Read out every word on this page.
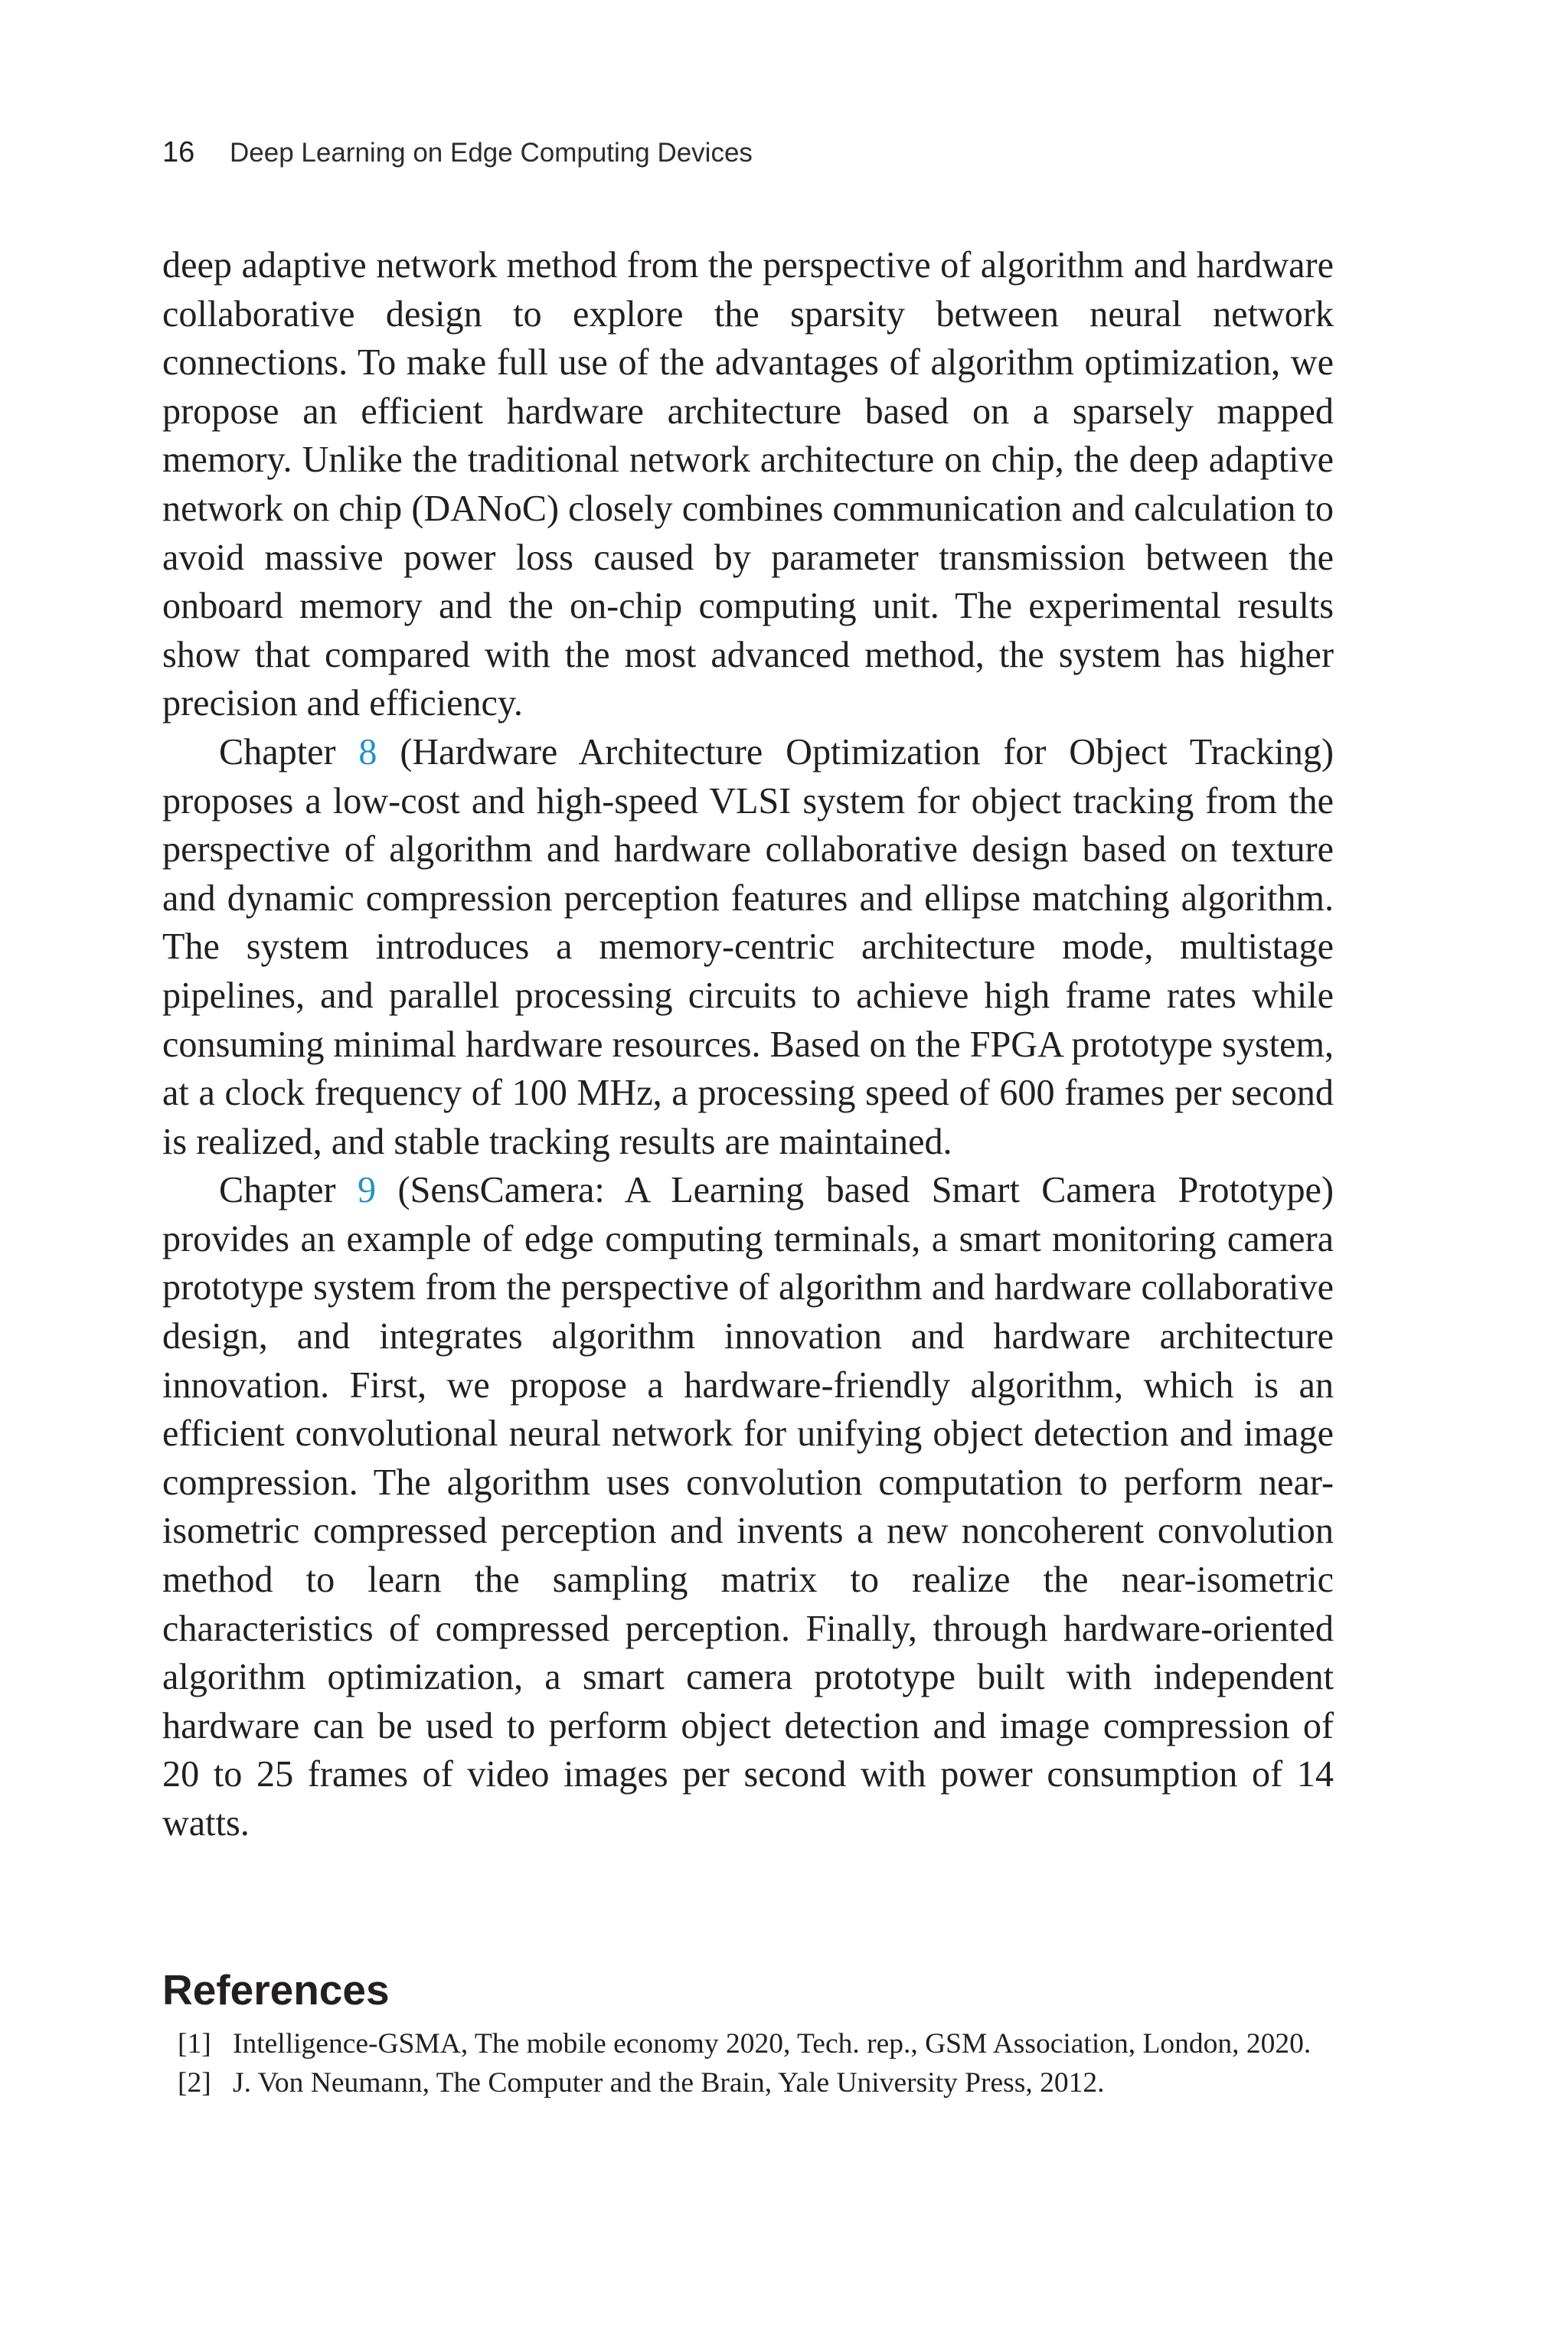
16 Deep Learning on Edge Computing Devices

deep adaptive network method from the perspective of algorithm and hardware collaborative design to explore the sparsity between neural network connections. To make full use of the advantages of algorithm optimization, we propose an efficient hardware architecture based on a sparsely mapped memory. Unlike the traditional network architecture on chip, the deep adaptive network on chip (DANoC) closely combines communication and calculation to avoid massive power loss caused by parameter transmission between the onboard memory and the on-chip computing unit. The experimental results show that compared with the most advanced method, the system has higher precision and efficiency.

Chapter 8 (Hardware Architecture Optimization for Object Tracking) proposes a low-cost and high-speed VLSI system for object tracking from the perspective of algorithm and hardware collaborative design based on texture and dynamic compression perception features and ellipse matching algorithm. The system introduces a memory-centric architecture mode, multistage pipelines, and parallel processing circuits to achieve high frame rates while consuming minimal hardware resources. Based on the FPGA prototype system, at a clock frequency of 100 MHz, a processing speed of 600 frames per second is realized, and stable tracking results are maintained.

Chapter 9 (SensCamera: A Learning based Smart Camera Prototype) provides an example of edge computing terminals, a smart monitoring camera prototype system from the perspective of algorithm and hardware collaborative design, and integrates algorithm innovation and hardware architecture innovation. First, we propose a hardware-friendly algorithm, which is an efficient convolutional neural network for unifying object detection and image compression. The algorithm uses convolution computation to perform near-isometric compressed perception and invents a new noncoherent convolution method to learn the sampling matrix to realize the near-isometric characteristics of compressed perception. Finally, through hardware-oriented algorithm optimization, a smart camera prototype built with independent hardware can be used to perform object detection and image compression of 20 to 25 frames of video images per second with power consumption of 14 watts.

References
[1] Intelligence-GSMA, The mobile economy 2020, Tech. rep., GSM Association, London, 2020.
[2] J. Von Neumann, The Computer and the Brain, Yale University Press, 2012.
